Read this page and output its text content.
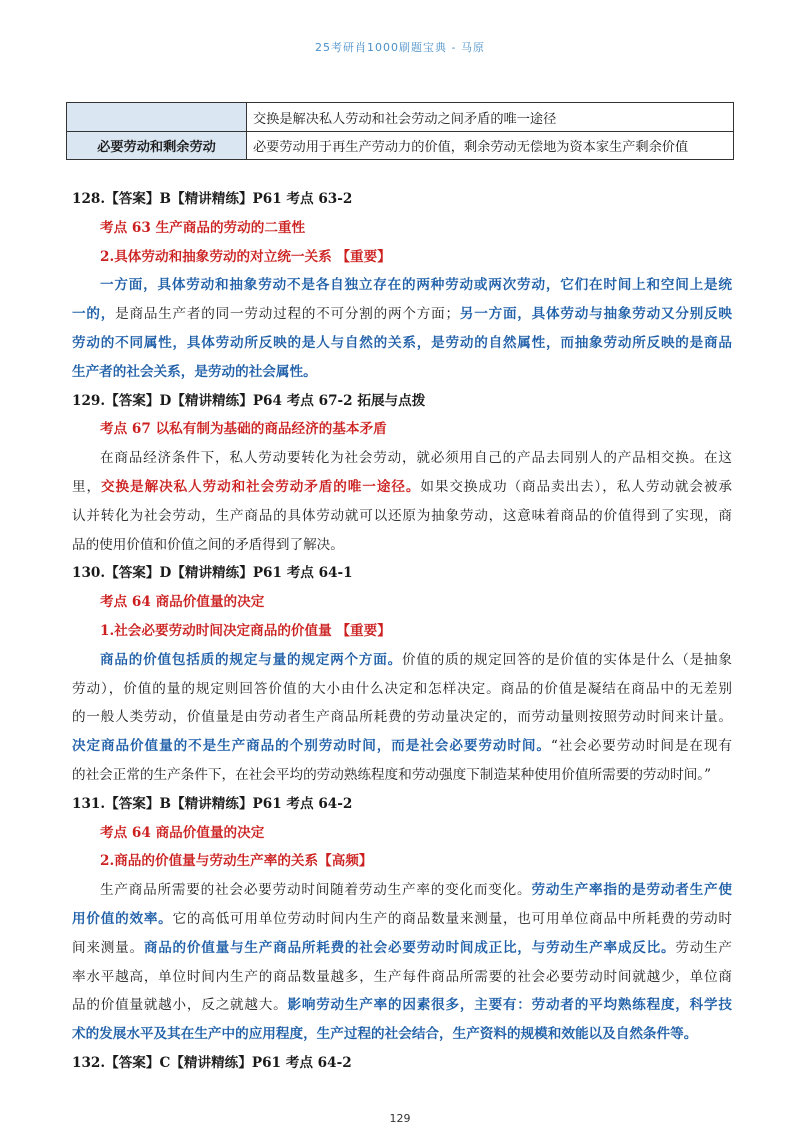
25考研肖1000刷题宝典 - 马原
	交换是解决私人劳动和社会劳动之间矛盾的唯一途径
必要劳动和剩余劳动	必要劳动用于再生产劳动力的价值，剩余劳动无偿地为资本家生产剩余价值
128.【答案】B【精讲精练】P61 考点 63-2
考点 63 生产商品的劳动的二重性
2.具体劳动和抽象劳动的对立统一关系 【重要】
一方面，具体劳动和抽象劳动不是各自独立存在的两种劳动或两次劳动，它们在时间上和空间上是统
一的，是商品生产者的同一劳动过程的不可分割的两个方面；另一方面，具体劳动与抽象劳动又分别反映
劳动的不同属性，具体劳动所反映的是人与自然的关系，是劳动的自然属性，而抽象劳动所反映的是商品
生产者的社会关系，是劳动的社会属性。
129.【答案】D【精讲精练】P64 考点 67-2 拓展与点拨
考点 67 以私有制为基础的商品经济的基本矛盾
在商品经济条件下，私人劳动要转化为社会劳动，就必须用自己的产品去同别人的产品相交换。在这
里，交换是解决私人劳动和社会劳动矛盾的唯一途径。如果交换成功（商品卖出去），私人劳动就会被承
认并转化为社会劳动，生产商品的具体劳动就可以还原为抽象劳动，这意味着商品的价值得到了实现，商
品的使用价值和价值之间的矛盾得到了解决。
130.【答案】D【精讲精练】P61 考点 64-1
考点 64 商品价值量的决定
1.社会必要劳动时间决定商品的价值量 【重要】
商品的价值包括质的规定与量的规定两个方面。价值的质的规定回答的是价值的实体是什么（是抽象
劳动），价值的量的规定则回答价值的大小由什么决定和怎样决定。商品的价值是凝结在商品中的无差别
的一般人类劳动，价值量是由劳动者生产商品所耗费的劳动量决定的，而劳动量则按照劳动时间来计量。
决定商品价值量的不是生产商品的个别劳动时间，而是社会必要劳动时间。“社会必要劳动时间是在现有
的社会正常的生产条件下，在社会平均的劳动熟练程度和劳动强度下制造某种使用价值所需要的劳动时间。”
131.【答案】B【精讲精练】P61 考点 64-2
考点 64 商品价值量的决定
2.商品的价值量与劳动生产率的关系【高频】
生产商品所需要的社会必要劳动时间随着劳动生产率的变化而变化。劳动生产率指的是劳动者生产使
用价值的效率。它的高低可用单位劳动时间内生产的商品数量来测量，也可用单位商品中所耗费的劳动时
间来测量。商品的价值量与生产商品所耗费的社会必要劳动时间成正比，与劳动生产率成反比。劳动生产
率水平越高，单位时间内生产的商品数量越多，生产每件商品所需要的社会必要劳动时间就越少，单位商
品的价值量就越小，反之就越大。影响劳动生产率的因素很多，主要有：劳动者的平均熟练程度，科学技
术的发展水平及其在生产中的应用程度，生产过程的社会结合，生产资料的规模和效能以及自然条件等。
132.【答案】C【精讲精练】P61 考点 64-2
129
